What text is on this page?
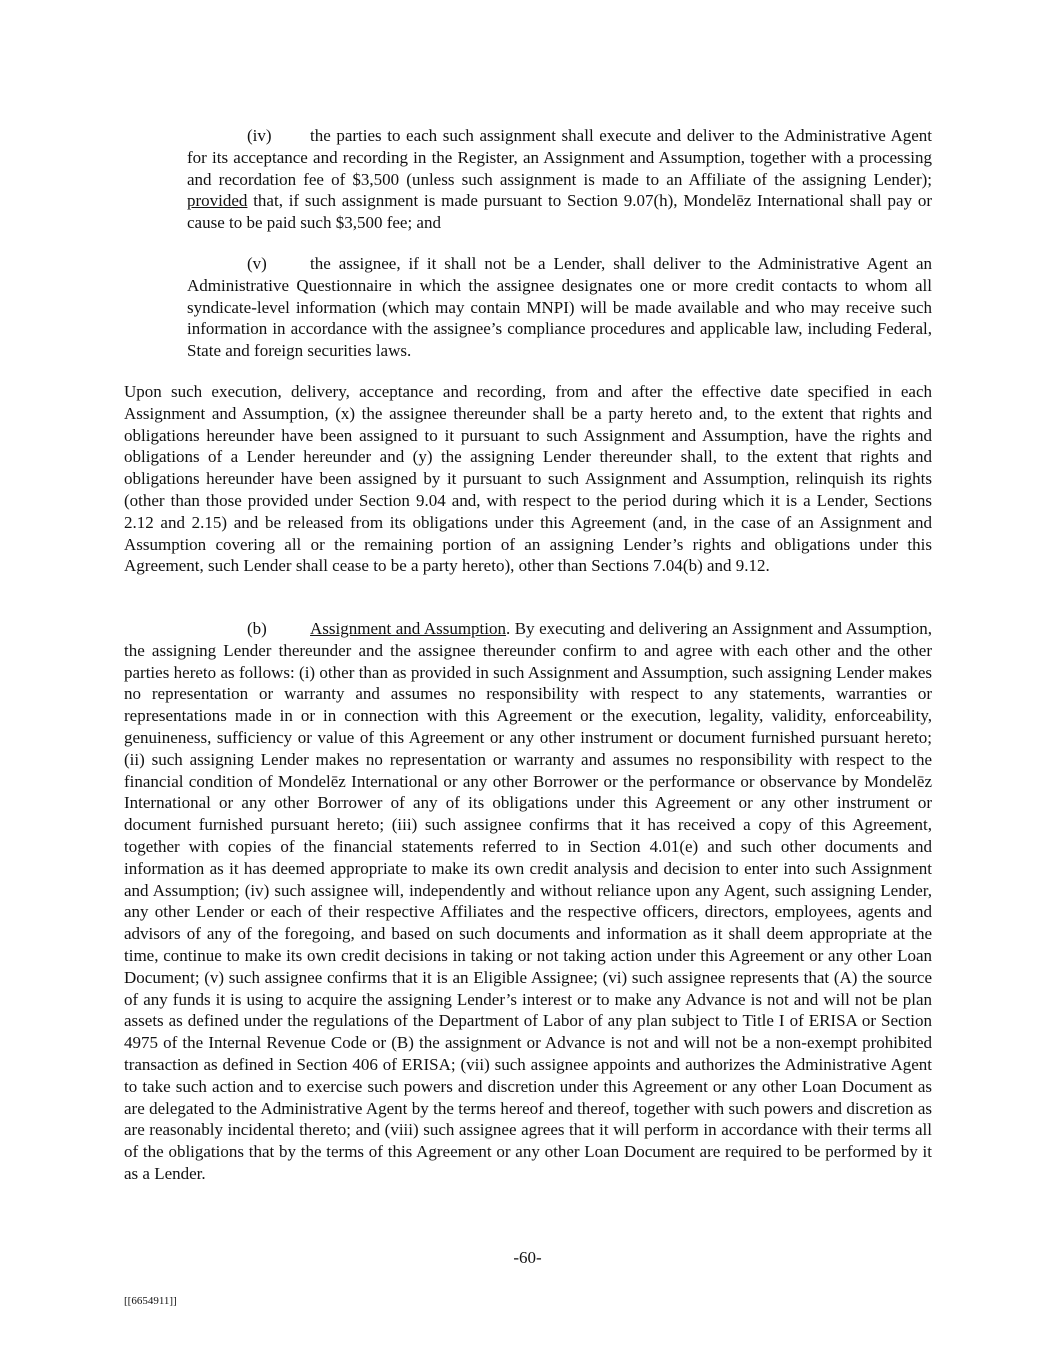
(iv) the parties to each such assignment shall execute and deliver to the Administrative Agent for its acceptance and recording in the Register, an Assignment and Assumption, together with a processing and recordation fee of $3,500 (unless such assignment is made to an Affiliate of the assigning Lender); provided that, if such assignment is made pursuant to Section 9.07(h), Mondelēz International shall pay or cause to be paid such $3,500 fee; and

(v)	the assignee, if it shall not be a Lender, shall deliver to the Administrative Agent an Administrative Questionnaire in which the assignee designates one or more credit contacts to whom all syndicate-level information (which may contain MNPI) will be made available and who may receive such information in accordance with the assignee’s compliance procedures and applicable law, including Federal, State and foreign securities laws.

Upon such execution, delivery, acceptance and recording, from and after the effective date specified in each Assignment and Assumption, (x) the assignee thereunder shall be a party hereto and, to the extent that rights and obligations hereunder have been assigned to it pursuant to such Assignment and Assumption, have the rights and obligations of a Lender hereunder and (y) the assigning Lender thereunder shall, to the extent that rights and obligations hereunder have been assigned by it pursuant to such Assignment and Assumption, relinquish its rights (other than those provided under Section 9.04 and, with respect to the period during which it is a Lender, Sections 2.12 and 2.15) and be released from its obligations under this Agreement (and, in the case of an Assignment and Assumption covering all or the remaining portion of an assigning Lender’s rights and obligations under this Agreement, such Lender shall cease to be a party hereto), other than Sections 7.04(b) and 9.12.

(b)	Assignment and Assumption. By executing and delivering an Assignment and Assumption, the assigning Lender thereunder and the assignee thereunder confirm to and agree with each other and the other parties hereto as follows: (i) other than as provided in such Assignment and Assumption, such assigning Lender makes no representation or warranty and assumes no responsibility with respect to any statements, warranties or representations made in or in connection with this Agreement or the execution, legality, validity, enforceability, genuineness, sufficiency or value of this Agreement or any other instrument or document furnished pursuant hereto; (ii) such assigning Lender makes no representation or warranty and assumes no responsibility with respect to the financial condition of Mondelēz International or any other Borrower or the performance or observance by Mondelēz International or any other Borrower of any of its obligations under this Agreement or any other instrument or document furnished pursuant hereto; (iii) such assignee confirms that it has received a copy of this Agreement, together with copies of the financial statements referred to in Section 4.01(e) and such other documents and information as it has deemed appropriate to make its own credit analysis and decision to enter into such Assignment and Assumption; (iv) such assignee will, independently and without reliance upon any Agent, such assigning Lender, any other Lender or each of their respective Affiliates and the respective officers, directors, employees, agents and advisors of any of the foregoing, and based on such documents and information as it shall deem appropriate at the time, continue to make its own credit decisions in taking or not taking action under this Agreement or any other Loan Document; (v) such assignee confirms that it is an Eligible Assignee; (vi) such assignee represents that (A) the source of any funds it is using to acquire the assigning Lender’s interest or to make any Advance is not and will not be plan assets as defined under the regulations of the Department of Labor of any plan subject to Title I of ERISA or Section 4975 of the Internal Revenue Code or (B) the assignment or Advance is not and will not be a non-exempt prohibited transaction as defined in Section 406 of ERISA; (vii) such assignee appoints and authorizes the Administrative Agent to take such action and to exercise such powers and discretion under this Agreement or any other Loan Document as are delegated to the Administrative Agent by the terms hereof and thereof, together with such powers and discretion as are reasonably incidental thereto; and (viii) such assignee agrees that it will perform in accordance with their terms all of the obligations that by the terms of this Agreement or any other Loan Document are required to be performed by it as a Lender.

-60-
[[6654911]]
